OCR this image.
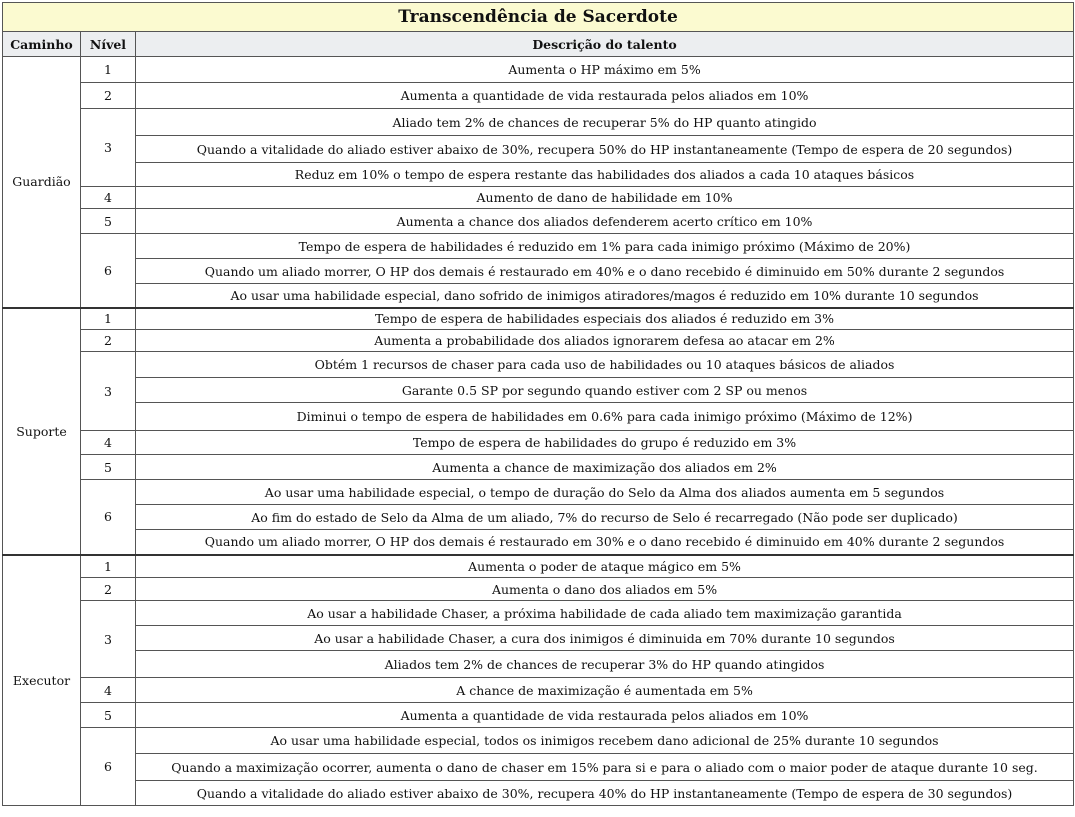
Transcendência de Sacerdote		
Caminho	Nível	Descrição do talento
Guardião	1	Aumenta o HP máximo em 5%
	2	Aumenta a quantidade de vida restaurada pelos aliados em 10%
	3	Aliado tem 2% de chances de recuperar 5% do HP quanto atingido
		Quando a vitalidade do aliado estiver abaixo de 30%, recupera 50% do HP instantaneamente (Tempo de espera de 20 segundos)
		Reduz em 10% o tempo de espera restante das habilidades dos aliados a cada 10 ataques básicos
	4	Aumento de dano de habilidade em 10%
	5	Aumenta a chance dos aliados defenderem acerto crítico em 10%
	6	Tempo de espera de habilidades é reduzido em 1% para cada inimigo próximo (Máximo de 20%)
		Quando um aliado morrer, O HP dos demais é restaurado em 40% e o dano recebido é diminuido em 50% durante 2 segundos
		Ao usar uma habilidade especial, dano sofrido de inimigos atiradores/magos é reduzido em 10% durante 10 segundos
Suporte	1	Tempo de espera de habilidades especiais dos aliados é reduzido em 3%
	2	Aumenta a probabilidade dos aliados ignorarem defesa ao atacar em 2%
	3	Obtém 1 recursos de chaser para cada uso de habilidades ou 10 ataques básicos de aliados
		Garante 0.5 SP por segundo quando estiver com 2 SP ou menos
		Diminui o tempo de espera de habilidades em 0.6% para cada inimigo próximo (Máximo de 12%)
	4	Tempo de espera de habilidades do grupo é reduzido em 3%
	5	Aumenta a chance de maximização dos aliados em 2%
	6	Ao usar uma habilidade especial, o tempo de duração do Selo da Alma dos aliados aumenta em 5 segundos
		Ao fim do estado de Selo da Alma de um aliado, 7% do recurso de Selo é recarregado (Não pode ser duplicado)
		Quando um aliado morrer, O HP dos demais é restaurado em 30% e o dano recebido é diminuido em 40% durante 2 segundos
Executor	1	Aumenta o poder de ataque mágico em 5%
	2	Aumenta o dano dos aliados em 5%
	3	Ao usar a habilidade Chaser, a próxima habilidade de cada aliado tem maximização garantida
		Ao usar a habilidade Chaser, a cura dos inimigos é diminuida em 70% durante 10 segundos
		Aliados tem 2% de chances de recuperar 3% do HP quando atingidos
	4	A chance de maximização é aumentada em 5%
	5	Aumenta a quantidade de vida restaurada pelos aliados em 10%
	6	Ao usar uma habilidade especial, todos os inimigos recebem dano adicional de 25% durante 10 segundos
		Quando a maximização ocorrer, aumenta o dano de chaser em 15% para si e para o aliado com o maior poder de ataque durante 10 seg.
		Quando a vitalidade do aliado estiver abaixo de 30%, recupera 40% do HP instantaneamente (Tempo de espera de 30 segundos)
